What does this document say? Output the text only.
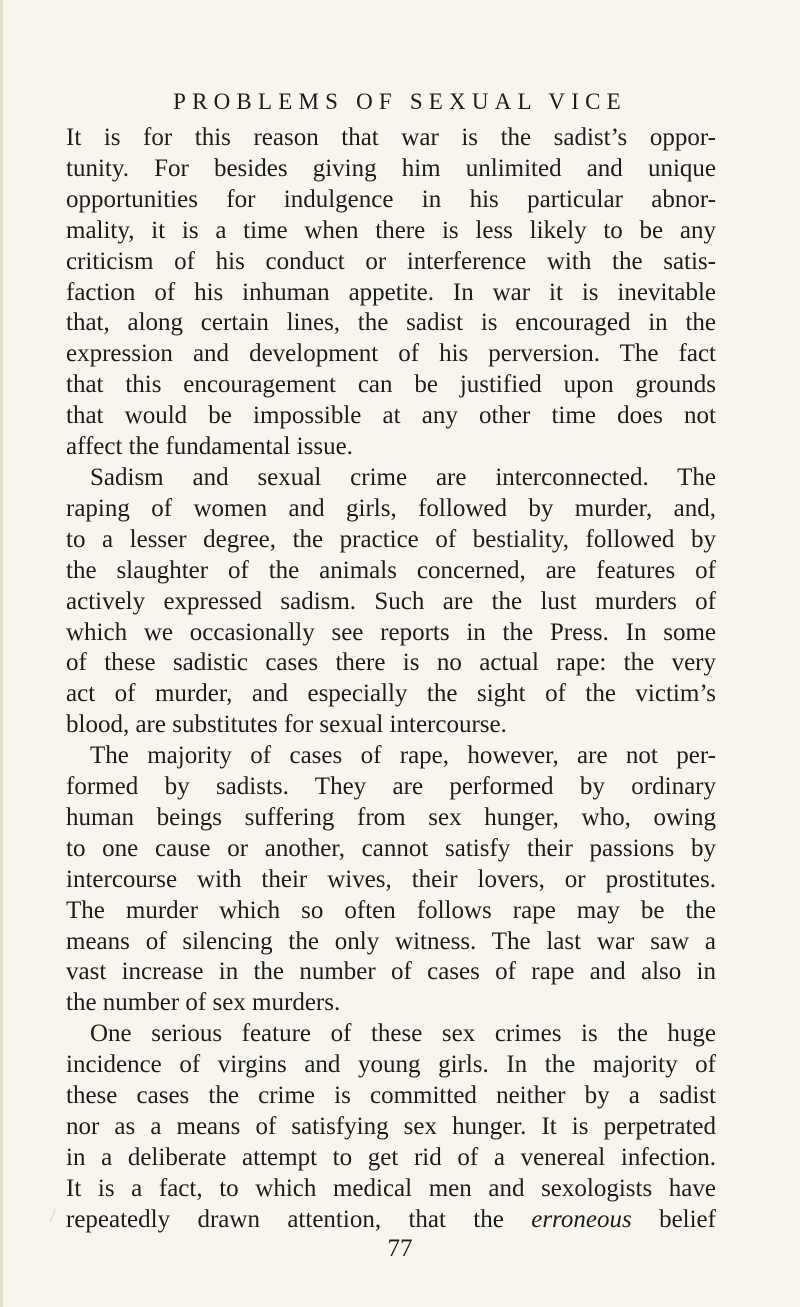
PROBLEMS OF SEXUAL VICE
It is for this reason that war is the sadist’s oppor-
tunity. For besides giving him unlimited and unique
opportunities for indulgence in his particular abnor-
mality, it is a time when there is less likely to be any
criticism of his conduct or interference with the satis-
faction of his inhuman appetite. In war it is inevitable
that, along certain lines, the sadist is encouraged in the
expression and development of his perversion. The fact
that this encouragement can be justified upon grounds
that would be impossible at any other time does not
affect the fundamental issue.
Sadism and sexual crime are interconnected. The
raping of women and girls, followed by murder, and,
to a lesser degree, the practice of bestiality, followed by
the slaughter of the animals concerned, are features of
actively expressed sadism. Such are the lust murders of
which we occasionally see reports in the Press. In some
of these sadistic cases there is no actual rape: the very
act of murder, and especially the sight of the victim’s
blood, are substitutes for sexual intercourse.
The majority of cases of rape, however, are not per-
formed by sadists. They are performed by ordinary
human beings suffering from sex hunger, who, owing
to one cause or another, cannot satisfy their passions by
intercourse with their wives, their lovers, or prostitutes.
The murder which so often follows rape may be the
means of silencing the only witness. The last war saw a
vast increase in the number of cases of rape and also in
the number of sex murders.
One serious feature of these sex crimes is the huge
incidence of virgins and young girls. In the majority of
these cases the crime is committed neither by a sadist
nor as a means of satisfying sex hunger. It is perpetrated
in a deliberate attempt to get rid of a venereal infection.
It is a fact, to which medical men and sexologists have
repeatedly drawn attention, that the erroneous belief
77
